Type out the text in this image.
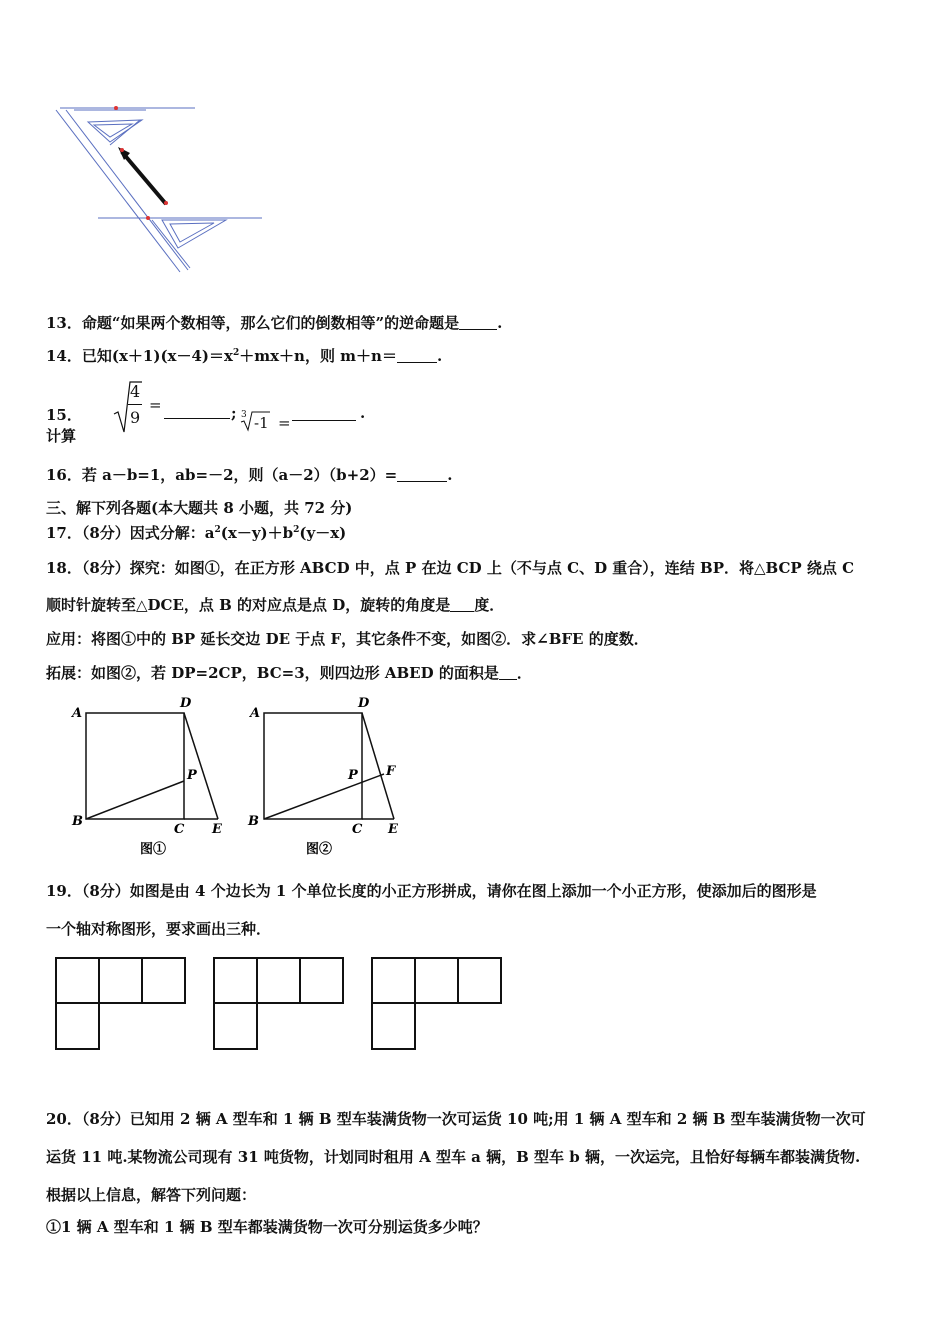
13．命题“如果两个数相等，那么它们的倒数相等”的逆命题是	.
14．已知$(x+1)(x-4)=x^2+mx+n$，则 m＋n＝	.
15．计算
4
9
=	; 3 -1 =
.
16．若 a－b=1，ab=－2，则（a－2）（b+2）=	.
三、解下列各题(本大题共 8 小题，共 72 分)
17．（8分）因式分解：$a^2(x-y)+b^2(y-x)$
18．（8分）探究：如图①，在正方形 ABCD 中，点 P 在边 CD 上（不与点 C、D 重合），连结 BP．将△BCP 绕点 C
顺时针旋转至△DCE，点 B 的对应点是点 D，旋转的角度是 度．
应用：将图①中的 BP 延长交边 DE 于点 F，其它条件不变，如图②．求∠BFE 的度数．
拓展：如图②，若 DP=2CP，BC=3，则四边形 ABED 的面积是 ．
A
D
P
B
C E
图①
A
D
P F
B
C E
图②
19．（8分）如图是由 4 个边长为 1 个单位长度的小正方形拼成，请你在图上添加一个小正方形，使添加后的图形是
一个轴对称图形，要求画出三种．
20．（8分）已知用 2 辆 A 型车和 1 辆 B 型车装满货物一次可运货 10 吨;用 1 辆 A 型车和 2 辆 B 型车装满货物一次可
运货 11 吨.某物流公司现有 31 吨货物，计划同时租用 A 型车 a 辆，B 型车 b 辆，一次运完，且恰好每辆车都装满货物.
根据以上信息，解答下列问题：
①1 辆 A 型车和 1 辆 B 型车都装满货物一次可分别运货多少吨？
